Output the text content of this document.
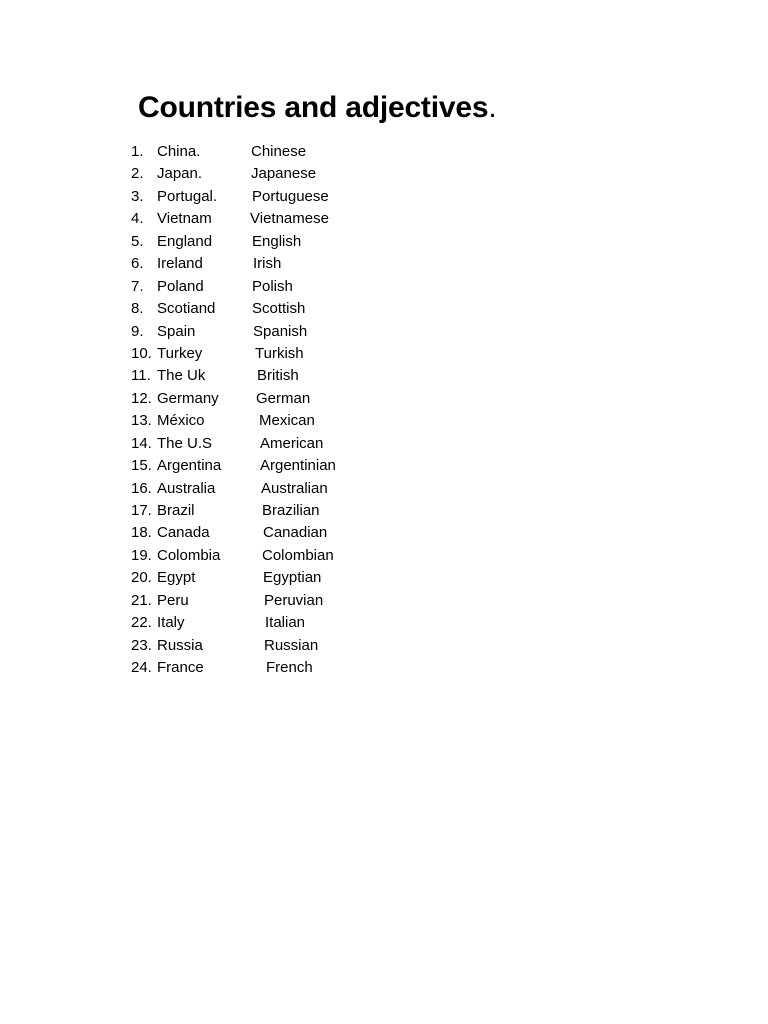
Countries and adjectives.
1. China.	Chinese
2. Japan.	Japanese
3. Portugal. Portuguese
4. Vietnam	Vietnamese
5. England	English
6. Ireland	Irish
7. Poland	Polish
8. Scotiand Scottish
9. Spain	Spanish
10. Turkey	Turkish
11. The Uk	British
12. Germany German
13. México	Mexican
14. The U.S	American
15. Argentina	Argentinian
16. Australia	Australian
17. Brazil	Brazilian
18. Canada	Canadian
19. Colombia	Colombian
20. Egypt	Egyptian
21. Peru	Peruvian
22. Italy	Italian
23. Russia	Russian
24. France	French
